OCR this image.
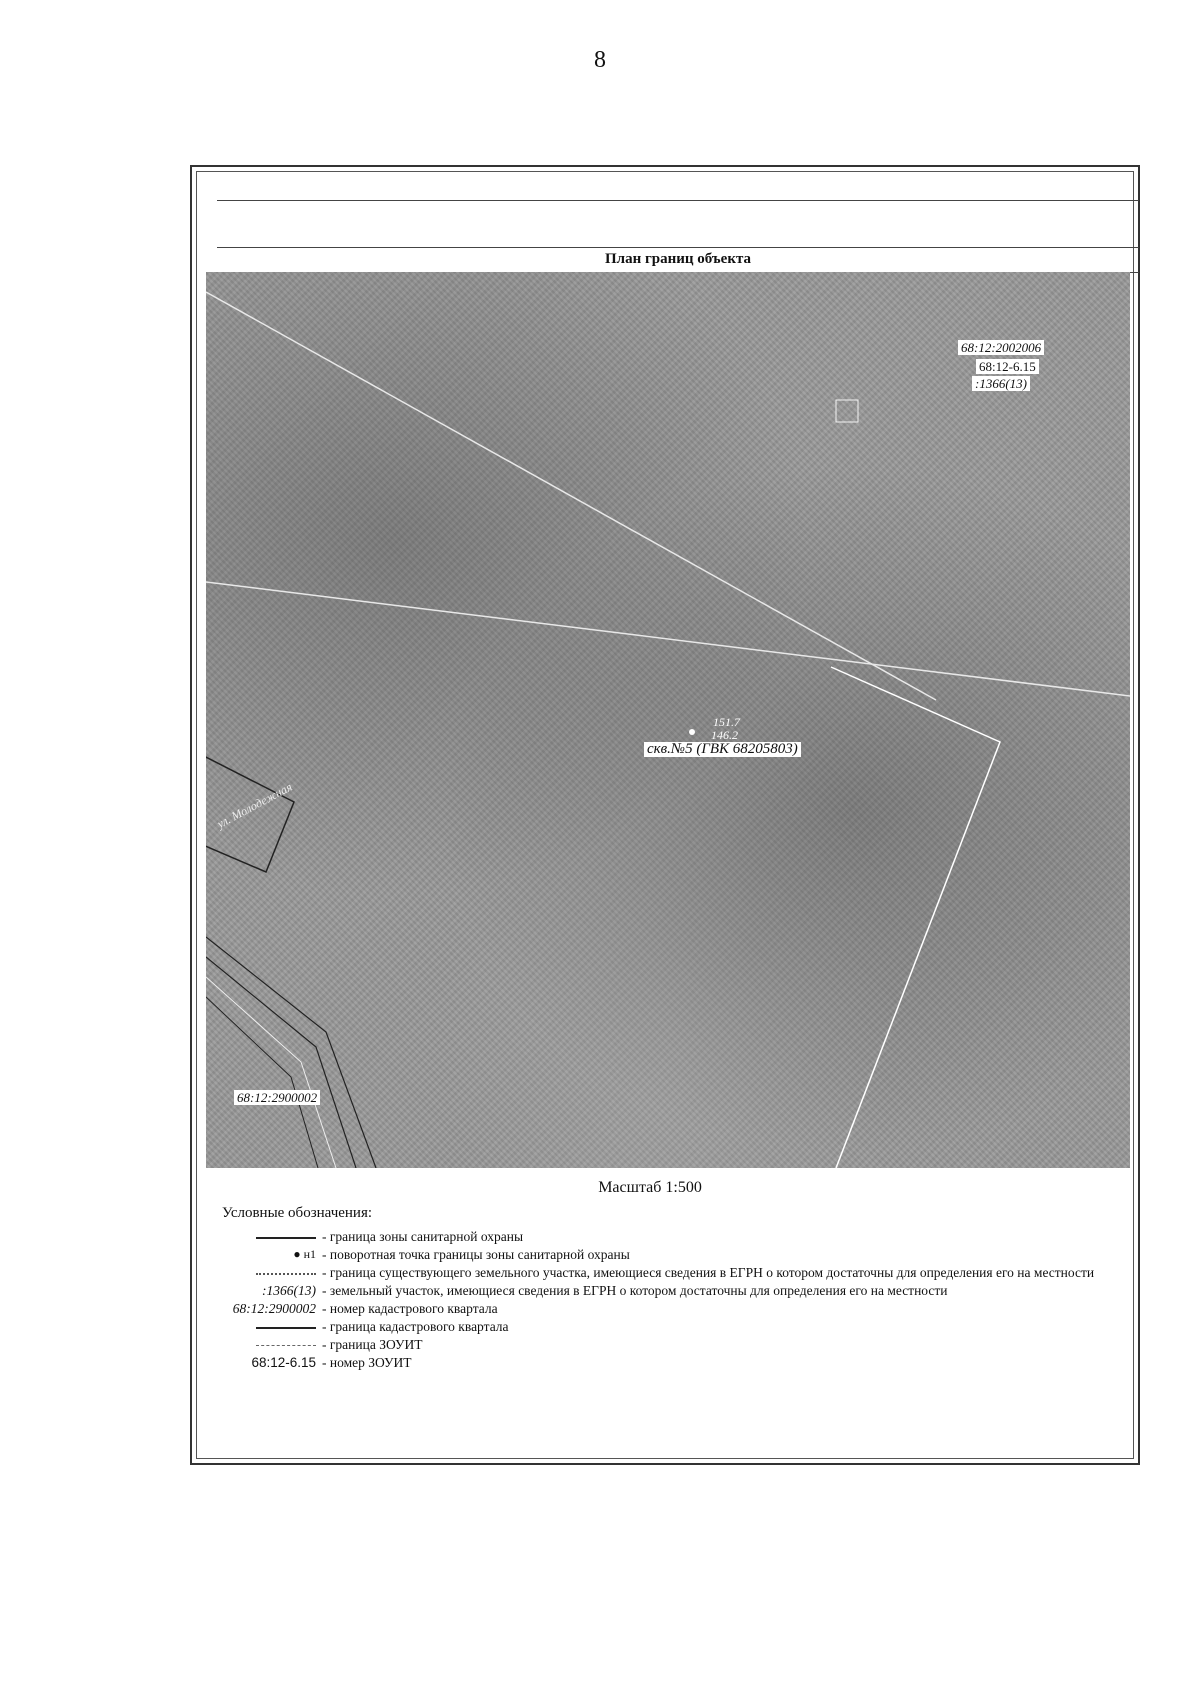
8
План границ объекта
68:12:2002006
68:12-6.15
:1366(13)
151.7
146.2
скв.№5 (ГВК 68205803)
ул. Молодежная
68:12:2900002
Масштаб 1:500
Условные обозначения:
- граница зоны санитарной охраны
● н1 - поворотная точка границы зоны санитарной охраны
- граница существующего земельного участка, имеющиеся сведения в ЕГРН о котором достаточны для определения его на местности
:1366(13) - земельный участок, имеющиеся сведения в ЕГРН о котором достаточны для определения его на местности
68:12:2900002 - номер кадастрового квартала
- граница кадастрового квартала
- граница ЗОУИТ
68:12-6.15 - номер ЗОУИТ
